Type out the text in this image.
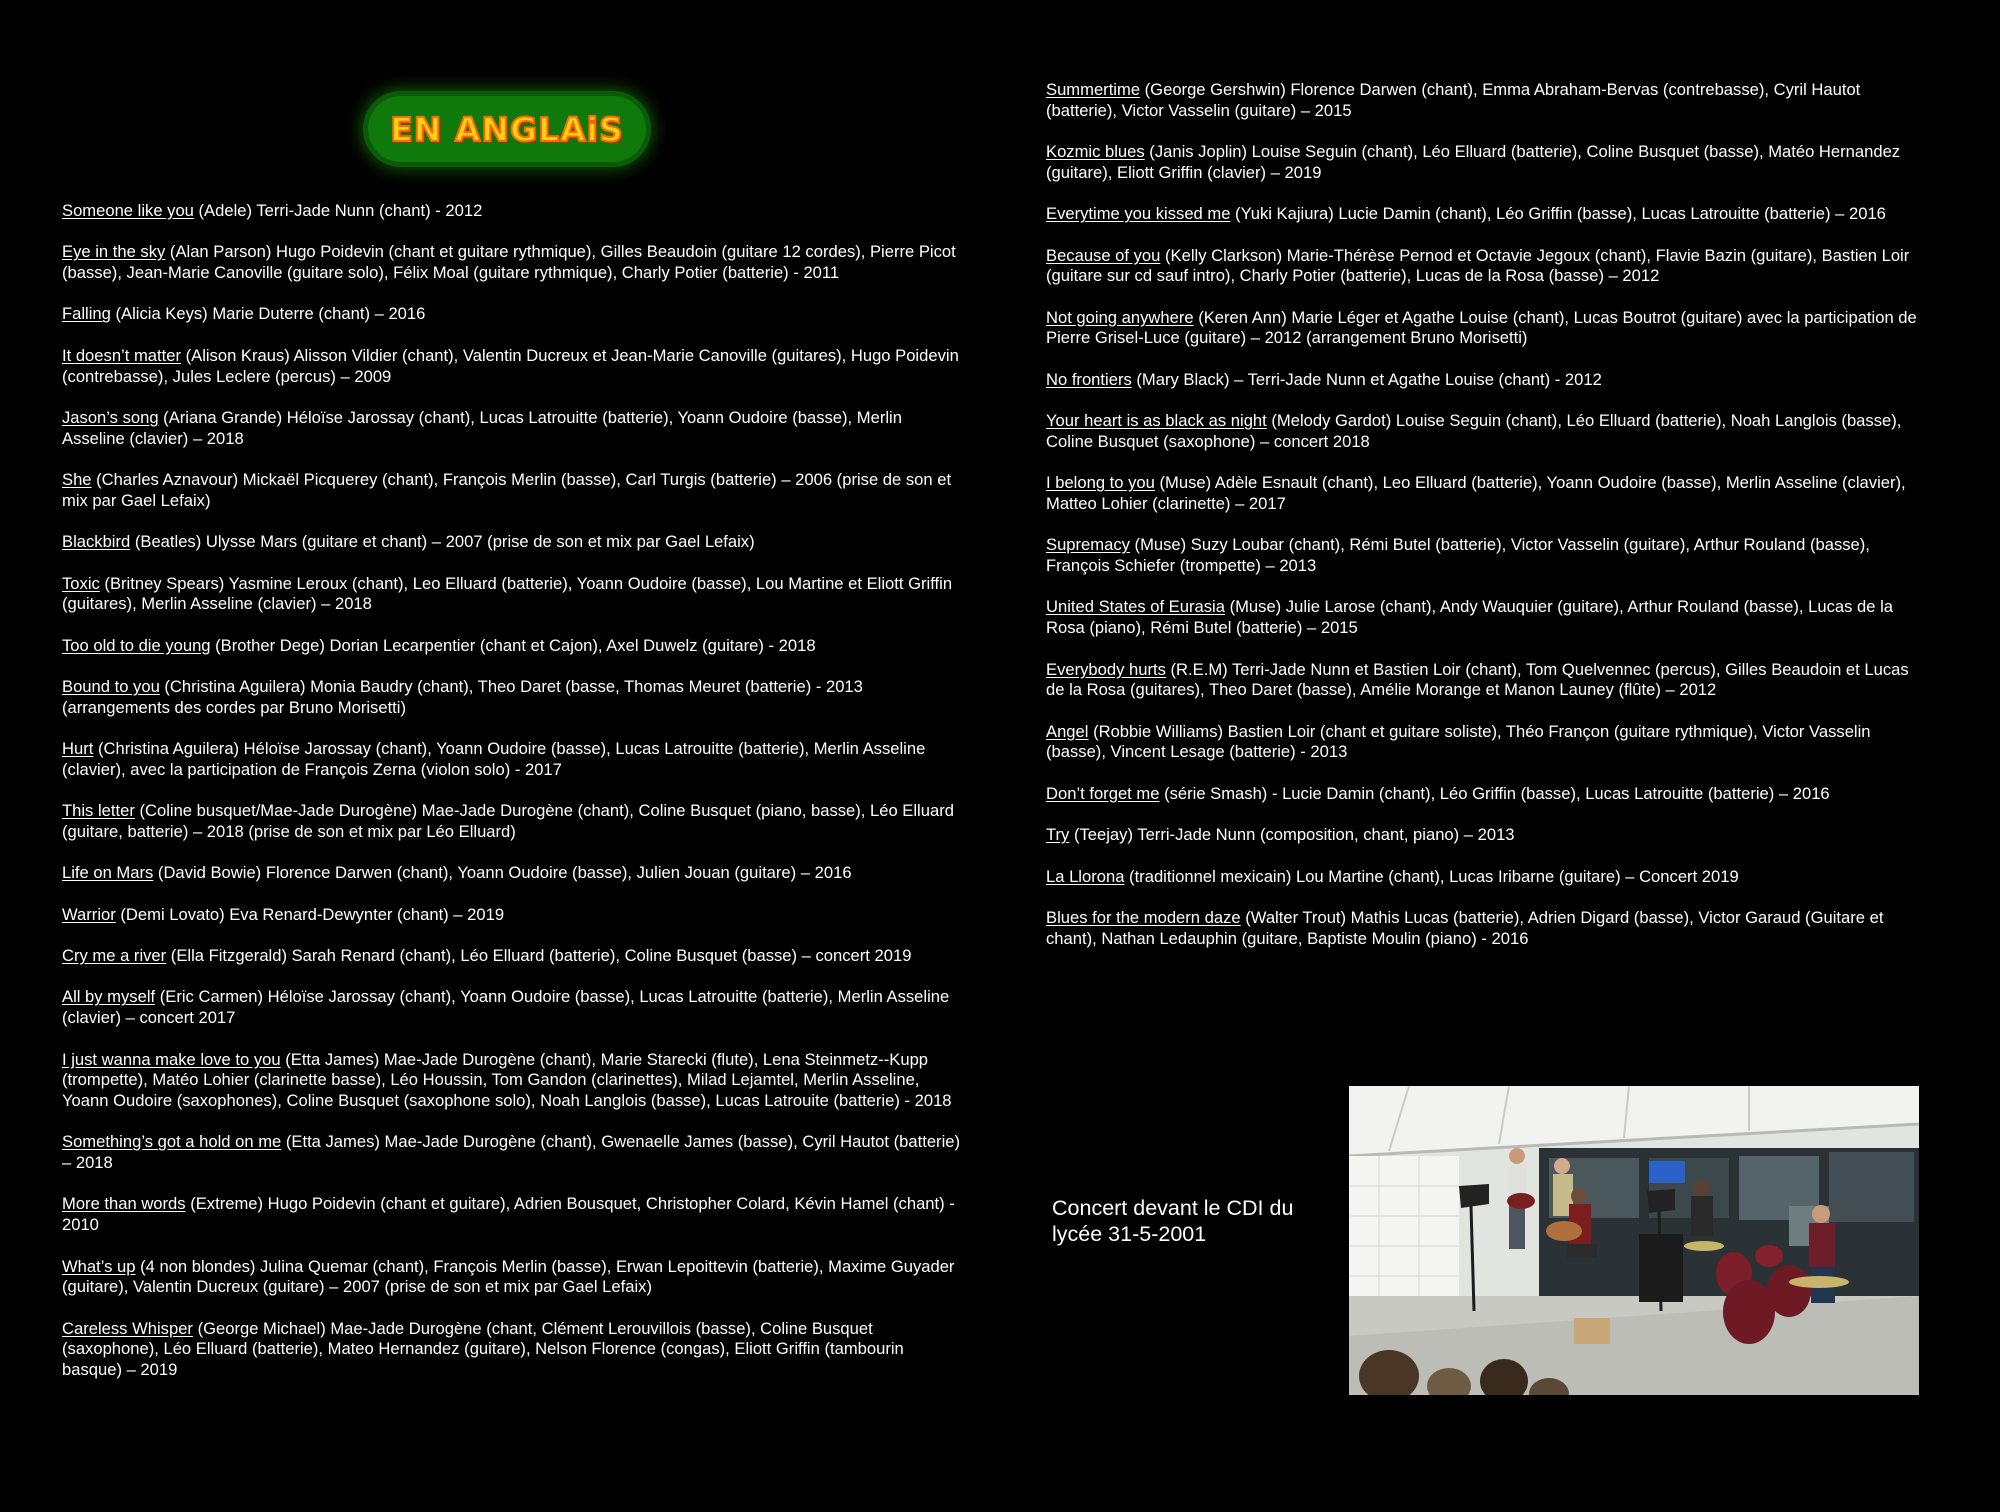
EN ANGLAiS

Someone like you (Adele) Terri-Jade Nunn (chant) - 2012

Eye in the sky (Alan Parson) Hugo Poidevin (chant et guitare rythmique), Gilles Beaudoin (guitare 12 cordes), Pierre Picot (basse), Jean-Marie Canoville (guitare solo), Félix Moal (guitare rythmique), Charly Potier (batterie) - 2011

Falling (Alicia Keys) Marie Duterre (chant) – 2016

It doesn’t matter (Alison Kraus) Alisson Vildier (chant), Valentin Ducreux et Jean-Marie Canoville (guitares), Hugo Poidevin (contrebasse), Jules Leclere (percus) – 2009

Jason’s song (Ariana Grande) Héloïse Jarossay (chant), Lucas Latrouitte (batterie), Yoann Oudoire (basse), Merlin Asseline (clavier) – 2018

She (Charles Aznavour) Mickaël Picquerey (chant), François Merlin (basse), Carl Turgis (batterie) – 2006 (prise de son et mix par Gael Lefaix)

Blackbird (Beatles) Ulysse Mars (guitare et chant) – 2007 (prise de son et mix par Gael Lefaix)

Toxic (Britney Spears) Yasmine Leroux (chant), Leo Elluard (batterie), Yoann Oudoire (basse), Lou Martine et Eliott Griffin (guitares), Merlin Asseline (clavier) – 2018

Too old to die young (Brother Dege) Dorian Lecarpentier (chant et Cajon), Axel Duwelz (guitare) - 2018

Bound to you (Christina Aguilera) Monia Baudry (chant), Theo Daret (basse, Thomas Meuret (batterie) - 2013 (arrangements des cordes par Bruno Morisetti)

Hurt (Christina Aguilera) Héloïse Jarossay (chant), Yoann Oudoire (basse), Lucas Latrouitte (batterie), Merlin Asseline (clavier), avec la participation de François Zerna (violon solo) - 2017

This letter (Coline busquet/Mae-Jade Durogène) Mae-Jade Durogène (chant), Coline Busquet (piano, basse), Léo Elluard (guitare, batterie) – 2018 (prise de son et mix par Léo Elluard)

Life on Mars (David Bowie) Florence Darwen (chant), Yoann Oudoire (basse), Julien Jouan (guitare) – 2016

Warrior (Demi Lovato) Eva Renard-Dewynter (chant) – 2019

Cry me a river (Ella Fitzgerald) Sarah Renard (chant), Léo Elluard (batterie), Coline Busquet (basse) – concert 2019

All by myself (Eric Carmen) Héloïse Jarossay (chant), Yoann Oudoire (basse), Lucas Latrouitte (batterie), Merlin Asseline (clavier) – concert 2017

I just wanna make love to you (Etta James) Mae-Jade Durogène (chant), Marie Starecki (flute), Lena Steinmetz--Kupp (trompette), Matéo Lohier (clarinette basse), Léo Houssin, Tom Gandon (clarinettes), Milad Lejamtel, Merlin Asseline, Yoann Oudoire (saxophones), Coline Busquet (saxophone solo), Noah Langlois (basse), Lucas Latrouite (batterie) - 2018

Something’s got a hold on me (Etta James) Mae-Jade Durogène (chant), Gwenaelle James (basse), Cyril Hautot (batterie) – 2018

More than words (Extreme) Hugo Poidevin (chant et guitare), Adrien Bousquet, Christopher Colard, Kévin Hamel (chant) - 2010

What’s up (4 non blondes) Julina Quemar (chant), François Merlin (basse), Erwan Lepoittevin (batterie), Maxime Guyader (guitare), Valentin Ducreux (guitare) – 2007 (prise de son et mix par Gael Lefaix)

Careless Whisper (George Michael) Mae-Jade Durogène (chant, Clément Lerouvillois (basse), Coline Busquet (saxophone), Léo Elluard (batterie), Mateo Hernandez (guitare), Nelson Florence (congas), Eliott Griffin (tambourin basque) – 2019

Summertime (George Gershwin) Florence Darwen (chant), Emma Abraham-Bervas (contrebasse), Cyril Hautot (batterie), Victor Vasselin (guitare) – 2015

Kozmic blues (Janis Joplin) Louise Seguin (chant), Léo Elluard (batterie), Coline Busquet (basse), Matéo Hernandez (guitare), Eliott Griffin (clavier) – 2019

Everytime you kissed me (Yuki Kajiura) Lucie Damin (chant), Léo Griffin (basse), Lucas Latrouitte (batterie) – 2016

Because of you (Kelly Clarkson) Marie-Thérèse Pernod et Octavie Jegoux (chant), Flavie Bazin (guitare), Bastien Loir (guitare sur cd sauf intro), Charly Potier (batterie), Lucas de la Rosa (basse) – 2012

Not going anywhere (Keren Ann) Marie Léger et Agathe Louise (chant), Lucas Boutrot (guitare) avec la participation de Pierre Grisel-Luce (guitare) – 2012 (arrangement Bruno Morisetti)

No frontiers (Mary Black) – Terri-Jade Nunn et Agathe Louise (chant) - 2012

Your heart is as black as night (Melody Gardot) Louise Seguin (chant), Léo Elluard (batterie), Noah Langlois (basse), Coline Busquet (saxophone) – concert 2018

I belong to you (Muse) Adèle Esnault (chant), Leo Elluard (batterie), Yoann Oudoire (basse), Merlin Asseline (clavier), Matteo Lohier (clarinette) – 2017

Supremacy (Muse) Suzy Loubar (chant), Rémi Butel (batterie), Victor Vasselin (guitare), Arthur Rouland (basse), François Schiefer (trompette) – 2013

United States of Eurasia (Muse) Julie Larose (chant), Andy Wauquier (guitare), Arthur Rouland (basse), Lucas de la Rosa (piano), Rémi Butel (batterie) – 2015

Everybody hurts (R.E.M) Terri-Jade Nunn et Bastien Loir (chant), Tom Quelvennec (percus), Gilles Beaudoin et Lucas de la Rosa (guitares), Theo Daret (basse), Amélie Morange et Manon Launey (flûte) – 2012

Angel (Robbie Williams) Bastien Loir (chant et guitare soliste), Théo Françon (guitare rythmique), Victor Vasselin (basse), Vincent Lesage (batterie) - 2013

Don’t forget me (série Smash) - Lucie Damin (chant), Léo Griffin (basse), Lucas Latrouitte (batterie) – 2016

Try (Teejay) Terri-Jade Nunn (composition, chant, piano) – 2013

La Llorona (traditionnel mexicain) Lou Martine (chant), Lucas Iribarne (guitare) – Concert 2019

Blues for the modern daze (Walter Trout) Mathis Lucas (batterie), Adrien Digard (basse), Victor Garaud (Guitare et chant), Nathan Ledauphin (guitare, Baptiste Moulin (piano) - 2016

Concert devant le CDI du lycée 31-5-2001
